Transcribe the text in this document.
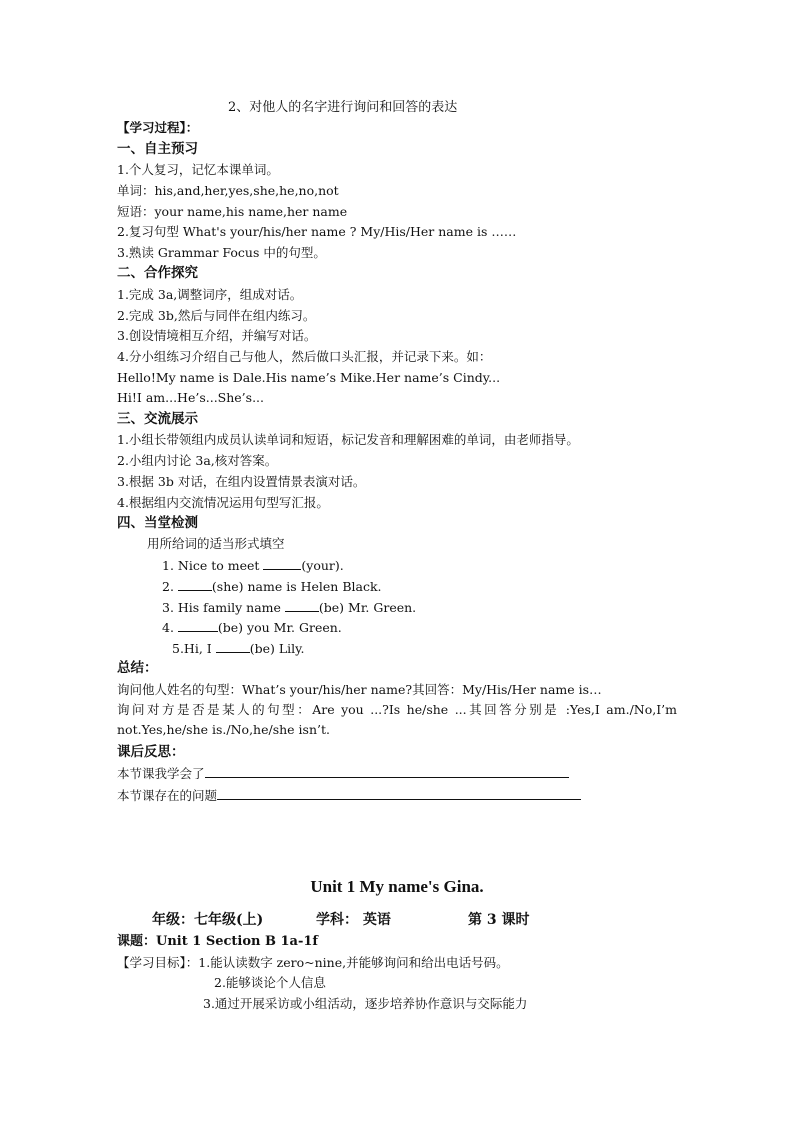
2、对他人的名字进行询问和回答的表达
【学习过程】：
一、自主预习
1.个人复习，记忆本课单词。
单词：his,and,her,yes,she,he,no,not
短语：your name,his name,her name
2.复习句型 What's your/his/her name ? My/His/Her name is ……
3.熟读 Grammar Focus 中的句型。
二、合作探究
1.完成 3a,调整词序，组成对话。
2.完成 3b,然后与同伴在组内练习。
3.创设情境相互介绍，并编写对话。
4.分小组练习介绍自己与他人，然后做口头汇报，并记录下来。如：
Hello!My name is Dale.His name’s Mike.Her name’s Cindy...
Hi!I am...He’s...She’s...
三、交流展示
1.小组长带领组内成员认读单词和短语，标记发音和理解困难的单词，由老师指导。
2.小组内讨论 3a,核对答案。
3.根据 3b 对话，在组内设置情景表演对话。
4.根据组内交流情况运用句型写汇报。
四、当堂检测
用所给词的适当形式填空
1. Nice to meet	(your).
2.	(she) name is Helen Black.
3. His family name	(be) Mr. Green.
4.	(be) you Mr. Green.
5.Hi, I	(be) Lily.
总结：
询问他人姓名的句型：What’s your/his/her name?其回答：My/His/Her name is…
询问对方是否是某人的句型：Are you ...?Is he/she ...其回答分别是 :Yes,I am./No,I’m not.Yes,he/she is./No,he/she isn’t.
课后反思：
本节课我学会了
本节课存在的问题
Unit 1 My name's Gina.
年级：七年级(上)	学科： 英语	第 3 课时
课题：Unit 1 Section B 1a-1f
【学习目标】：1.能认读数字 zero~nine,并能够询问和给出电话号码。
2.能够谈论个人信息
3.通过开展采访或小组活动，逐步培养协作意识与交际能力
